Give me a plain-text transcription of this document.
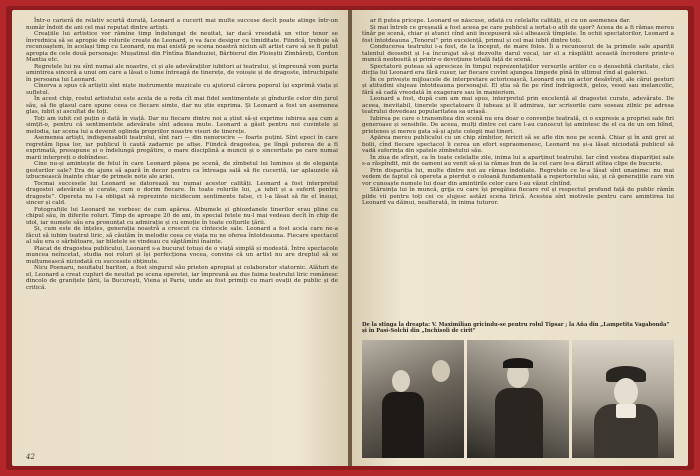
Într-o carieră de relativ scurtă durată, Leonard a cucerit mai multe succese decît poate atinge într-un număr îndoit de ani cel mai reputat dintre artiști.

Creațiile lui artistice vor rămîne timp îndelungat de neuitat, iar dacă vreodată un vitor tenor se învrednica să se apropie de rolurile create de Leonard, o va face desigur cu timiditate. Fiindcă, trebuie să recunoaștem, în același timp cu Leonard, nu mai există pe scena noastră niciun alt artist care să se fi putut apropia de cele două personaje: Mușatinul din Fîntîna Blanduziei, Bărbierul din Ploieștii Zîmbăreți, Cordun Mantia etc.

Regretele lui nu sînt numai ale noastre, ci și ale adevăraților iubitori ai teatrului, și împreună vom purta amintirea sinceră a unui om care a lăsat o lume întreagă de tinerețe, de voioșie și de dragoste, întruchipate în persoana lui Leonard.

Cînerva a spus că artiștii sînt niște instrumente muzicale cu ajutorul cărora poporul își exprimă viața și sufletul.

În acest chip, rostul artistului este acela de a reda cît mai fidel sentimentele și gîndurile celor din jurul său, să fie glasul care spune ceea ce fiecare simte, dar nu știe exprima. Și Leonard a fost un asemenea glas, iubit și ascultat de toți.

Toți am iubit cel puțin o dată în viață. Dar nu fiecare dintre noi a știut să-și exprime iubirea așa cum a simțit-o, pentru că sentimentele adevărate sînt adesea mute. Leonard a găsit pentru noi cuvintele și melodia, iar scena lui a devenit oglinda propriilor noastre visuri de tinerețe.

Asemenea artiști, indispensabili teatrului, sînt rari — din nenorocire — foarte puțini. Sînt epoci în care regretăm lipsa lor, iar publicul îi caută zadarnic pe afișe. Fiindcă dragostea, pe lîngă puterea de a fi exprimată, presupune și o îndelungă pregătire, o mare disciplină a muncii și o sinceritate pe care numai marii interpreți o dobîndesc.

Cine nu-și amintește de felul în care Leonard pășea pe scenă, de zîmbetul lui luminos și de eleganța gesturilor sale? Era de ajuns să apară în decor pentru ca întreaga sală să fie cucerită, iar aplauzele să izbucnească înainte chiar de primele note ale ariei.

Tocmai succesele lui Leonard se datorează nu numai acestor calități. Leonard a fost interpretul dragostei adevărate și curate, cum o dorim fiecare. În toate rolurile lui, „a iubit și a suferit pentru dragoste”. Opereta nu l-a obligat să reprezinte nicidecum sentimente false, ci l-a lăsat să fie el însuși, sincer și cald.

Fotografiile lui Leonard ne vorbesc de cum apărea. Albumele și ghiozdanele tinerilor erau pline cu chipul său, în diferite roluri. Tîmp de aproape 20 de ani, în special fetele nu-l mai vedeau decît în chip de idol, iar numele său era pronunțat cu admirație și cu emoție în toate colțurile țării.

Și, cum este de înțeles, generația noastră a crescut cu cîntecele sale. Leonard a fost acela care ne-a făcut să iubim teatrul liric, să căutăm în melodie ceea ce viața nu ne oferea întotdeauna. Fiecare spectacol al său era o sărbătoare, iar biletele se vindeau cu săptămîni înainte.

Placat de dragostea publicului, Leonard s-a bucurat totuși de o viață simplă și modestă. Între spectacole muncea neîncetat, studia noi roluri și își perfecționa vocea, convins că un artist nu are dreptul să se mulțumească niciodată cu succesele obținute.

Nicu Poenaru, neuitatul bariton, a fost singurul său prieten apropiat și colaborator statornic. Alături de el, Leonard a creat cupluri de neuitat pe scena operetei, iar împreună au dus faima teatrului liric românesc dincolo de granițele țării, la București, Viena și Paris, unde au fost primiți cu mari ovații de public și de critică.

42

ar fi putea pricepe. Leonard se născuse, odată cu celelalte calități, și cu un asemenea dar.

Și mai întreb ce greșeală a fost aceea pe care publicul a iertat-o atît de ușor? Aceea de a fi rămas mereu tînăr pe scenă, chiar și atunci cînd anii începuseră să-i albească tîmplele. În ochii spectatorilor, Leonard a fost întotdeauna „Tenorul” prin excelență, primul și cel mai iubit dintre toți.

Conducerea teatrului i-a fost, de la început, de mare folos. Îi a recunoscut de la primele sale apariții talentul deosebit și l-a încurajat să-și dezvolte darul vocal, iar el a răsplătit această încredere printr-o muncă neobosită și printr-o devoțiune totală față de scenă.

Spectatorii puteau să aprecieze în timpul reprezentațiilor versurile ariilor cu o deosebită claritate, căci dicția lui Leonard era fără cusur, iar fiecare cuvînt ajungea limpede pînă în ultimul rînd al galeriei.

În ce privește mijloacele de interpretare actoricească, Leonard era un actor desăvîrșit, ale cărui gesturi și atitudini slujeau întotdeauna personajul. El știa să fie pe rînd îndrăgostit, gelos, vesel sau melancolic, fără să cadă vreodată în exagerare sau în manierism.

Leonard a fost, după cum am mai spus, interpretul prin excelență al dragostei curate, adevărate. De aceea, inevitabil, tinerele spectatoare îl iubeau și îl admirau, iar scrisorile care soseau zilnic pe adresa teatrului dovedeau popularitatea sa uriașă.

Iubirea pe care o transmitea din scenă nu era doar o convenție teatrală, ci o expresie a propriei sale firi generoase și sensibile. De aceea, mulți dintre cei care l-au cunoscut își amintesc de el ca de un om blînd, prietenos și mereu gata să-și ajute colegii mai tineri.

Apărea mereu publicului cu un chip zîmbitor, fericit să se afle din nou pe scenă. Chiar și în anii grei ai bolii, cînd fiecare spectacol îi cerea un efort supraomenesc, Leonard nu și-a lăsat niciodată publicul să vadă suferința din spatele zîmbetului său.

În ziua de sfîrșit, ca în toate celelalte zile, inima lui a aparținut teatrului. Iar cînd vestea dispariției sale s-a răspîndit, mii de oameni au venit să-și ia rămas bun de la cel care le-a dăruit atîtea clipe de bucurie.

Prin dispariția lui, multe dintre noi au rămas îndoliate. Regretele ce le-a lăsat sînt unanime: nu mai vedem de faptul că opereta a pierdut o coloană fundamentală a repertoriului său, și că generațiile care vin vor cunoaște numele lui doar din amintirile celor care l-au văzut cîntînd.

Stăruința lui în muncă, grija cu care își pregătea fiecare rol și respectul profund față de public rămîn pilde vii pentru toți cei ce slujesc astăzi scena lirică. Acestea sînt motivele pentru care amintirea lui Leonard va dăinui, nealterată, în inima tuturor.

De la stînga la dreapta: V. Maximilian gricindu-se pentru rolul Tipsar ; la Aña din „Lampetita Vagabonda” și în Pasi-Solchi din „Inchisoli de cirit”
